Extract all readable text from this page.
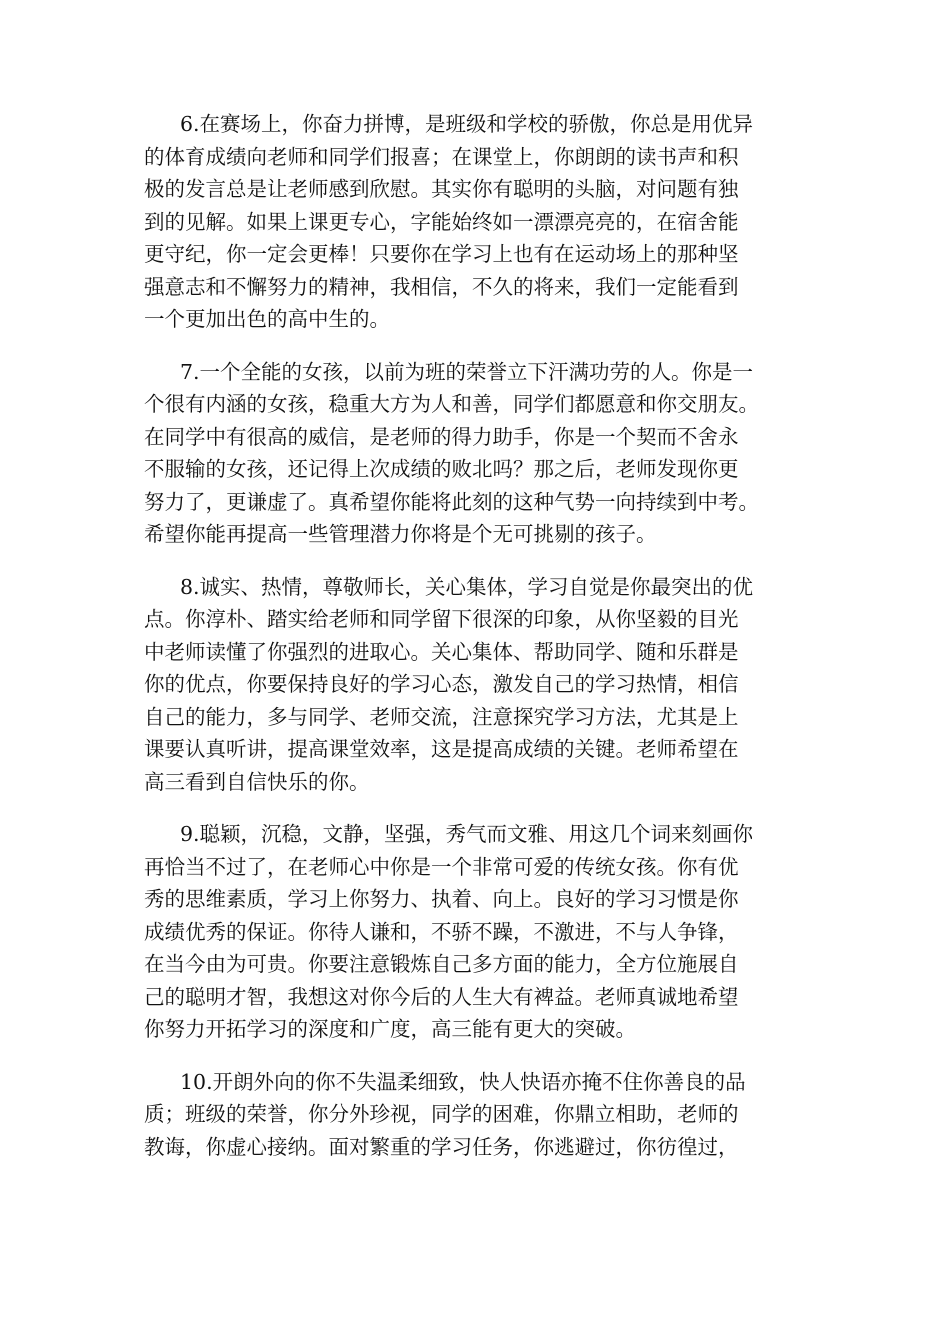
6.在赛场上，你奋力拼博，是班级和学校的骄傲，你总是用优异
的体育成绩向老师和同学们报喜；在课堂上，你朗朗的读书声和积
极的发言总是让老师感到欣慰。其实你有聪明的头脑，对问题有独
到的见解。如果上课更专心，字能始终如一漂漂亮亮的，在宿舍能
更守纪，你一定会更棒！只要你在学习上也有在运动场上的那种坚
强意志和不懈努力的精神，我相信，不久的将来，我们一定能看到
一个更加出色的高中生的。
7.一个全能的女孩，以前为班的荣誉立下汗满功劳的人。你是一
个很有内涵的女孩，稳重大方为人和善，同学们都愿意和你交朋友。
在同学中有很高的威信，是老师的得力助手，你是一个契而不舍永
不服输的女孩，还记得上次成绩的败北吗？那之后，老师发现你更
努力了，更谦虚了。真希望你能将此刻的这种气势一向持续到中考。
希望你能再提高一些管理潜力你将是个无可挑剔的孩子。
8.诚实、热情，尊敬师长，关心集体，学习自觉是你最突出的优
点。你淳朴、踏实给老师和同学留下很深的印象，从你坚毅的目光
中老师读懂了你强烈的进取心。关心集体、帮助同学、随和乐群是
你的优点，你要保持良好的学习心态，激发自己的学习热情，相信
自己的能力，多与同学、老师交流，注意探究学习方法，尤其是上
课要认真听讲，提高课堂效率，这是提高成绩的关键。老师希望在
高三看到自信快乐的你。
9.聪颖，沉稳，文静，坚强，秀气而文雅、用这几个词来刻画你
再恰当不过了，在老师心中你是一个非常可爱的传统女孩。你有优
秀的思维素质，学习上你努力、执着、向上。良好的学习习惯是你
成绩优秀的保证。你待人谦和，不骄不躁，不激进，不与人争锋，
在当今由为可贵。你要注意锻炼自己多方面的能力，全方位施展自
己的聪明才智，我想这对你今后的人生大有裨益。老师真诚地希望
你努力开拓学习的深度和广度，高三能有更大的突破。
10.开朗外向的你不失温柔细致，快人快语亦掩不住你善良的品
质；班级的荣誉，你分外珍视，同学的困难，你鼎立相助，老师的
教诲，你虚心接纳。面对繁重的学习任务，你逃避过，你彷徨过，
